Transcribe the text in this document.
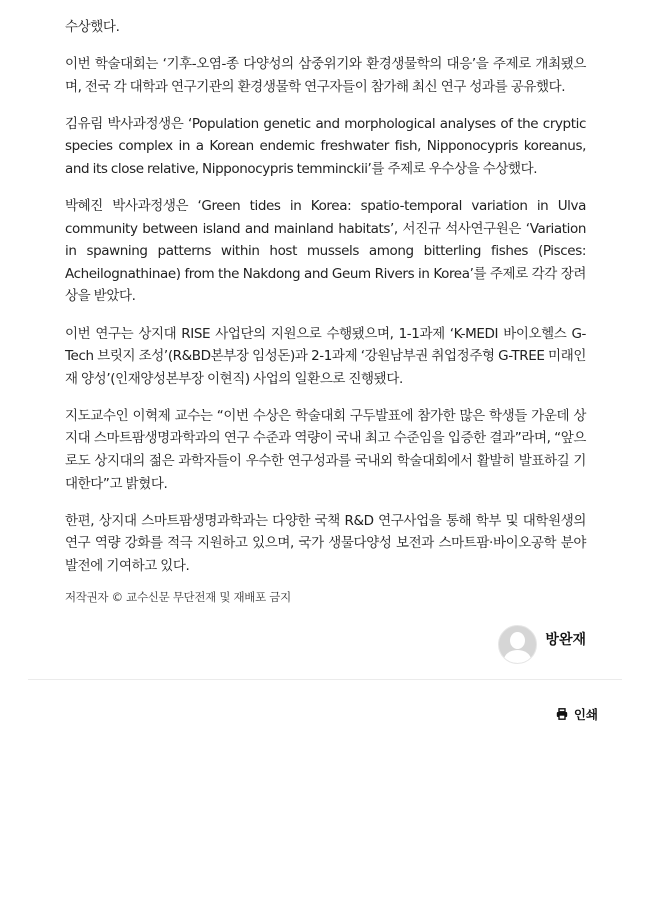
수상했다.

이번 학술대회는 ‘기후-오염-종 다양성의 삼중위기와 환경생물학의 대응’을 주제로 개최됐으며, 전국 각 대학과 연구기관의 환경생물학 연구자들이 참가해 최신 연구 성과를 공유했다.

김유림 박사과정생은 ‘Population genetic and morphological analyses of the cryptic species complex in a Korean endemic freshwater fish, Nipponocypris koreanus, and its close relative, Nipponocypris temminckii’를 주제로 우수상을 수상했다.

박혜진 박사과정생은 ‘Green tides in Korea: spatio-temporal variation in Ulva community between island and mainland habitats’, 서진규 석사연구원은 ‘Variation in spawning patterns within host mussels among bitterling fishes (Pisces: Acheilognathinae) from the Nakdong and Geum Rivers in Korea’를 주제로 각각 장려상을 받았다.

이번 연구는 상지대 RISE 사업단의 지원으로 수행됐으며, 1-1과제 ‘K-MEDI 바이오헬스 G-Tech 브릿지 조성’(R&BD본부장 임성돈)과 2-1과제 ‘강원남부권 취업정주형 G-TREE 미래인재 양성’(인재양성본부장 이현직) 사업의 일환으로 진행됐다.

지도교수인 이혁제 교수는 “이번 수상은 학술대회 구두발표에 참가한 많은 학생들 가운데 상지대 스마트팜생명과학과의 연구 수준과 역량이 국내 최고 수준임을 입증한 결과”라며, “앞으로도 상지대의 젊은 과학자들이 우수한 연구성과를 국내외 학술대회에서 활발히 발표하길 기대한다”고 밝혔다.

한편, 상지대 스마트팜생명과학과는 다양한 국책 R&D 연구사업을 통해 학부 및 대학원생의 연구 역량 강화를 적극 지원하고 있으며, 국가 생물다양성 보전과 스마트팜·바이오공학 분야 발전에 기여하고 있다.

저작권자 © 교수신문 무단전재 및 재배포 금지
방완재
인쇄
